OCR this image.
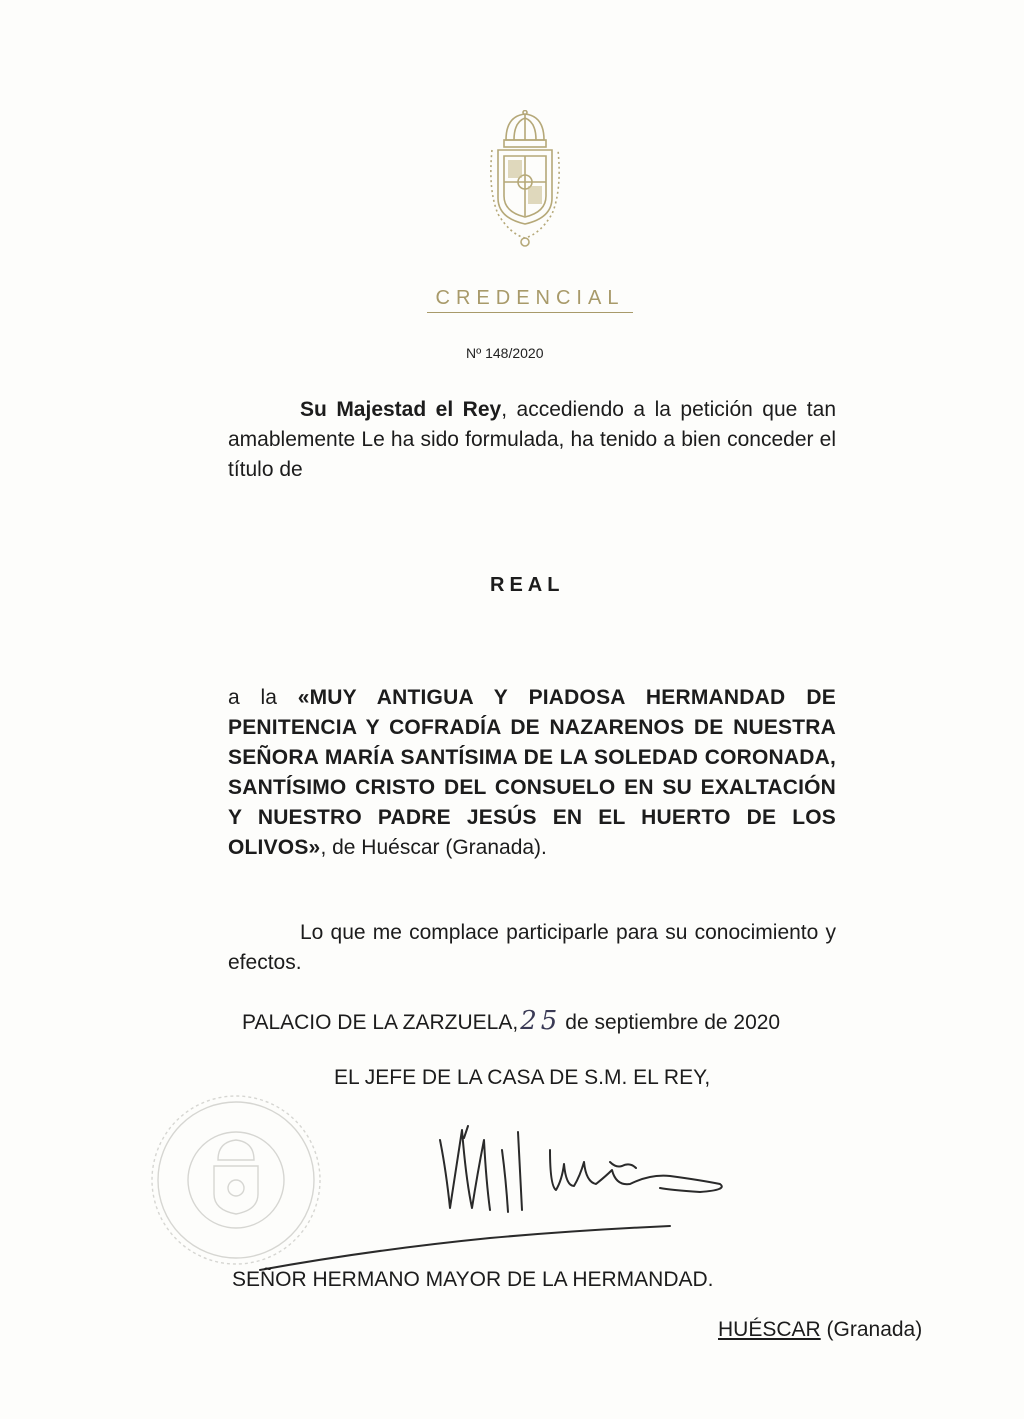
CREDENCIAL
Nº 148/2020
Su Majestad el Rey, accediendo a la petición que tan amablemente Le ha sido formulada, ha tenido a bien conceder el título de
REAL
a la «MUY ANTIGUA Y PIADOSA HERMANDAD DE PENITENCIA Y COFRADÍA DE NAZARENOS DE NUESTRA SEÑORA MARÍA SANTÍSIMA DE LA SOLEDAD CORONADA, SANTÍSIMO CRISTO DEL CONSUELO EN SU EXALTACIÓN Y NUESTRO PADRE JESÚS EN EL HUERTO DE LOS OLIVOS», de Huéscar (Granada).
Lo que me complace participarle para su conocimiento y efectos.
PALACIO DE LA ZARZUELA,25 de septiembre de 2020
EL JEFE DE LA CASA DE S.M. EL REY,
SEÑOR HERMANO MAYOR DE LA HERMANDAD.
HUÉSCAR (Granada)
